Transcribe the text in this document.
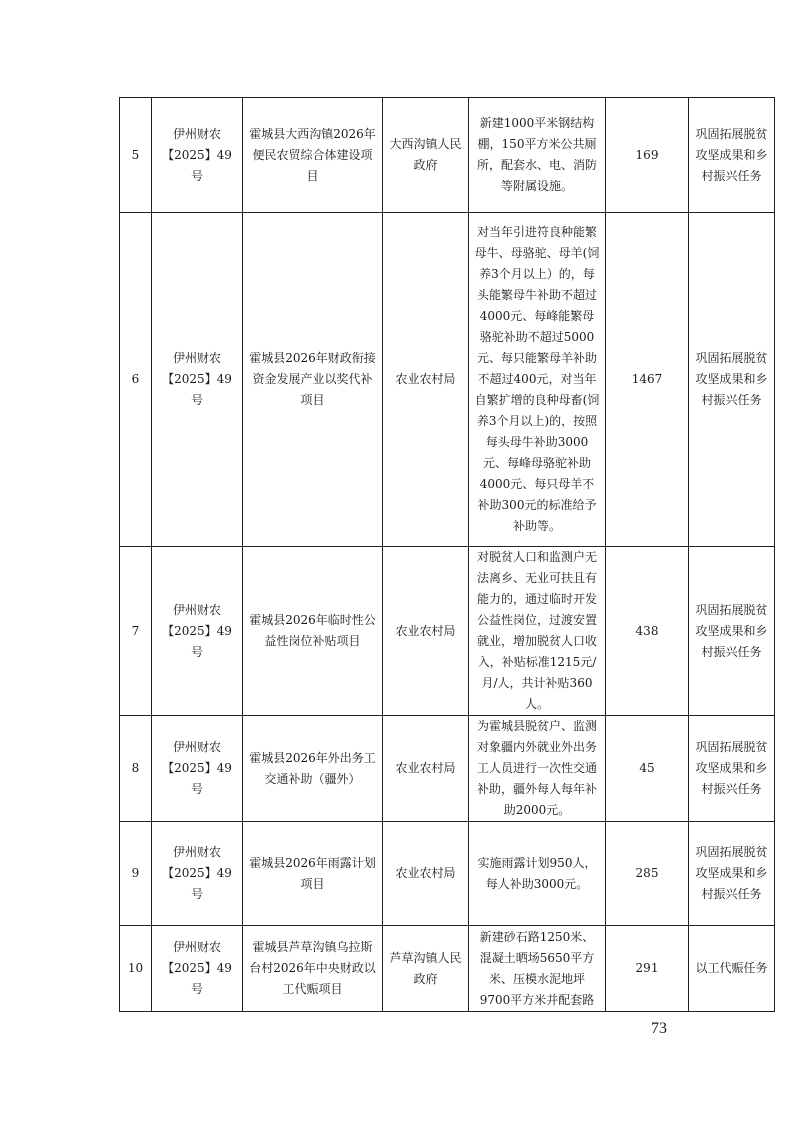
5	伊州财农【2025】49号	霍城县大西沟镇2026年便民农贸综合体建设项目	大西沟镇人民政府	新建1000平米钢结构棚，150平方米公共厕所，配套水、电、消防等附属设施。	169	巩固拓展脱贫攻坚成果和乡村振兴任务
6	伊州财农【2025】49号	霍城县2026年财政衔接资金发展产业以奖代补项目	农业农村局	对当年引进符良种能繁母牛、母骆驼、母羊(饲养3个月以上）的，每头能繁母牛补助不超过4000元、每峰能繁母骆驼补助不超过5000元、每只能繁母羊补助不超过400元，对当年自繁扩增的良种母畜(饲养3个月以上)的，按照每头母牛补助3000元、每峰母骆驼补助4000元、每只母羊不补助300元的标准给予补助等。	1467	巩固拓展脱贫攻坚成果和乡村振兴任务
7	伊州财农【2025】49号	霍城县2026年临时性公益性岗位补贴项目	农业农村局	对脱贫人口和监测户无法离乡、无业可扶且有能力的，通过临时开发公益性岗位，过渡安置就业，增加脱贫人口收入，补贴标准1215元/月/人，共计补贴360人。	438	巩固拓展脱贫攻坚成果和乡村振兴任务
8	伊州财农【2025】49号	霍城县2026年外出务工交通补助（疆外）	农业农村局	为霍城县脱贫户、监测对象疆内外就业外出务工人员进行一次性交通补助，疆外每人每年补助2000元。	45	巩固拓展脱贫攻坚成果和乡村振兴任务
9	伊州财农【2025】49号	霍城县2026年雨露计划项目	农业农村局	实施雨露计划950人，每人补助3000元。	285	巩固拓展脱贫攻坚成果和乡村振兴任务
10	伊州财农【2025】49号	霍城县芦草沟镇乌拉斯台村2026年中央财政以工代赈项目	芦草沟镇人民政府	新建砂石路1250米、混凝土晒场5650平方米、压模水泥地坪9700平方米并配套路	291	以工代赈任务
73
